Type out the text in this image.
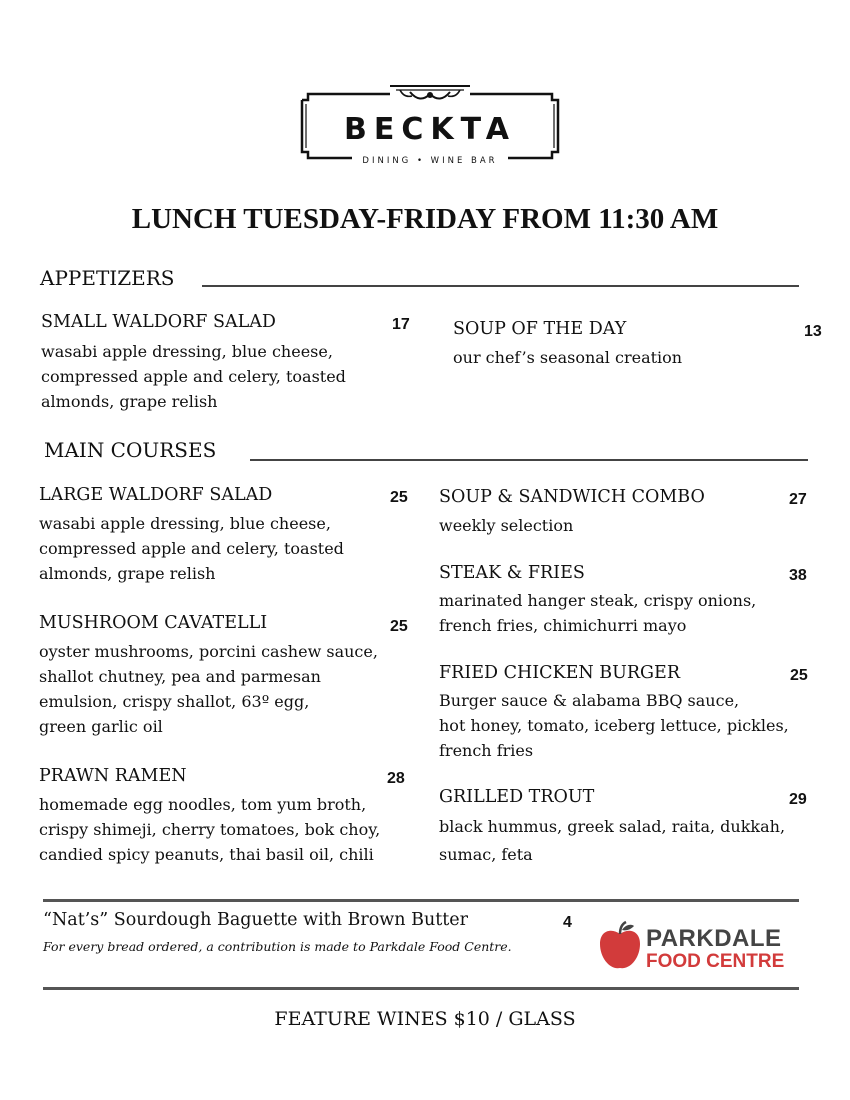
BECKTA
DINING • WINE BAR
LUNCH TUESDAY-FRIDAY FROM 11:30 AM
APPETIZERS
SMALL WALDORF SALAD	17
wasabi apple dressing, blue cheese,
compressed apple and celery, toasted
almonds, grape relish
SOUP OF THE DAY	13
our chef’s seasonal creation
MAIN COURSES
LARGE WALDORF SALAD	25
wasabi apple dressing, blue cheese,
compressed apple and celery, toasted
almonds, grape relish
MUSHROOM CAVATELLI	25
oyster mushrooms, porcini cashew sauce,
shallot chutney, pea and parmesan
emulsion, crispy shallot, 63º egg,
green garlic oil
PRAWN RAMEN	28
homemade egg noodles, tom yum broth,
crispy shimeji, cherry tomatoes, bok choy,
candied spicy peanuts, thai basil oil, chili
SOUP & SANDWICH COMBO	27
weekly selection
STEAK & FRIES	38
marinated hanger steak, crispy onions,
french fries, chimichurri mayo
FRIED CHICKEN BURGER	25
Burger sauce & alabama BBQ sauce,
hot honey, tomato, iceberg lettuce, pickles,
french fries
GRILLED TROUT	29
black hummus, greek salad, raita, dukkah,
sumac, feta
“Nat’s” Sourdough Baguette with Brown Butter	4
For every bread ordered, a contribution is made to Parkdale Food Centre.	PARKDALE
FOOD CENTRE
FEATURE WINES $10 / GLASS
